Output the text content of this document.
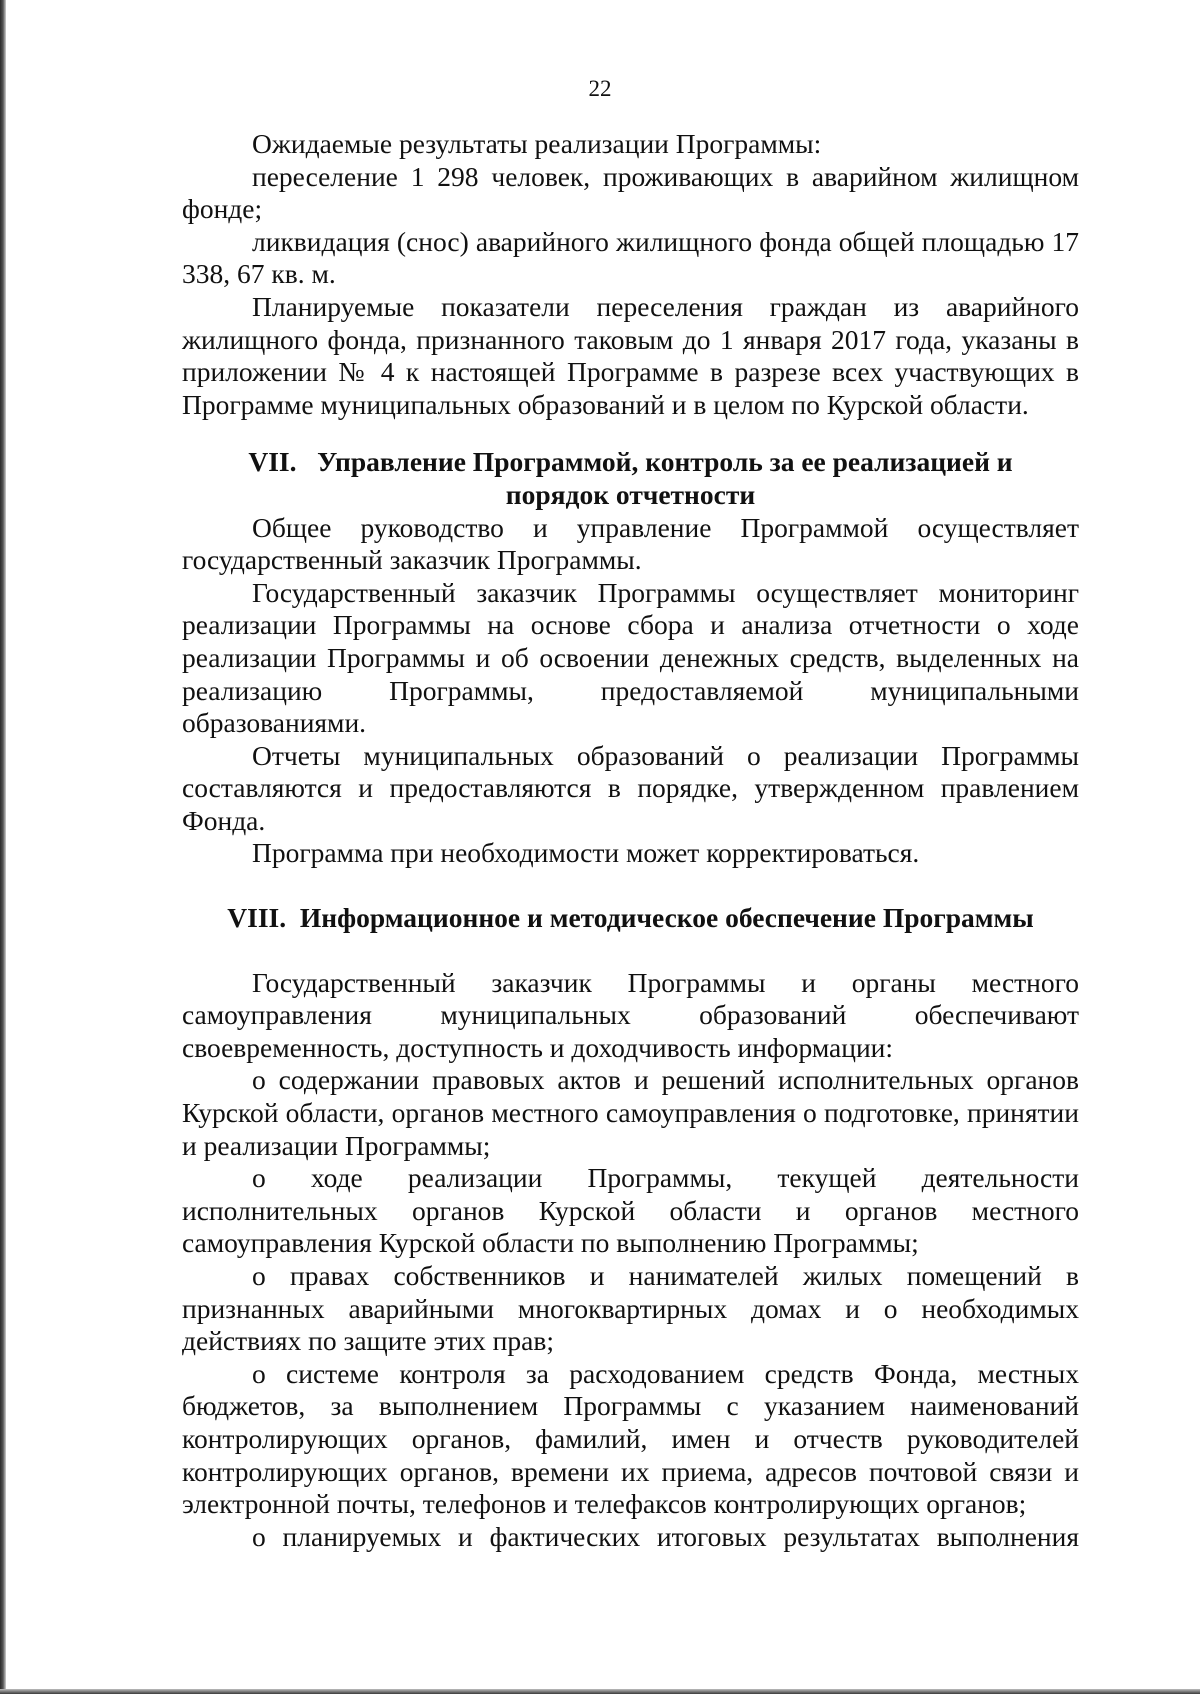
22

Ожидаемые результаты реализации Программы:

переселение 1 298 человек, проживающих в аварийном жилищном фонде;

ликвидация (снос) аварийного жилищного фонда общей площадью 17 338, 67 кв. м.

Планируемые показатели переселения граждан из аварийного жилищного фонда, признанного таковым до 1 января 2017 года, указаны в приложении № 4 к настоящей Программе в разрезе всех участвующих в Программе муниципальных образований и в целом по Курской области.

VII.   Управление Программой, контроль за ее реализацией и
порядок отчетности

Общее руководство и управление Программой осуществляет государственный заказчик Программы.

Государственный заказчик Программы осуществляет мониторинг реализации Программы на основе сбора и анализа отчетности о ходе реализации Программы и об освоении денежных средств, выделенных на реализацию Программы, предоставляемой муниципальными образованиями.

Отчеты муниципальных образований о реализации Программы составляются и предоставляются в порядке, утвержденном правлением Фонда.

Программа при необходимости может корректироваться.

VIII.  Информационное и методическое обеспечение Программы

Государственный заказчик Программы и органы местного самоуправления муниципальных образований обеспечивают своевременность, доступность и доходчивость информации:

о содержании правовых актов и решений исполнительных органов Курской области, органов местного самоуправления о подготовке, принятии и реализации Программы;

о ходе реализации Программы, текущей деятельности исполнительных органов Курской области и органов местного самоуправления Курской области по выполнению Программы;

о правах собственников и нанимателей жилых помещений в признанных аварийными многоквартирных домах и о необходимых действиях по защите этих прав;

о системе контроля за расходованием средств Фонда, местных бюджетов, за выполнением Программы с указанием наименований контролирующих органов, фамилий, имен и отчеств руководителей контролирующих органов, времени их приема, адресов почтовой связи и электронной почты, телефонов и телефаксов контролирующих органов;

о планируемых и фактических итоговых результатах выполнения
